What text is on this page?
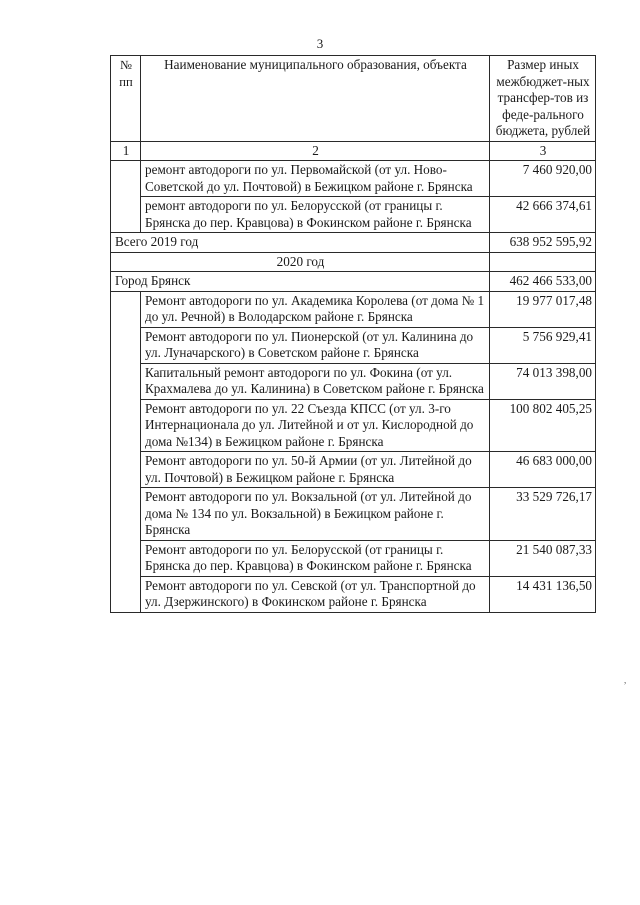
3
№ пп	Наименование муниципального образования, объекта	Размер иных межбюджет-ных трансфер-тов из феде-рального бюджета, рублей
1	2	3
	ремонт автодороги по ул. Первомайской (от ул. Ново-Советской до ул. Почтовой) в Бежицком районе г. Брянска	7 460 920,00
	ремонт автодороги по ул. Белорусской (от границы г. Брянска до пер. Кравцова) в Фокинском районе г. Брянска	42 666 374,61
Всего 2019 год		638 952 595,92
2020 год		
Город Брянск		462 466 533,00
	Ремонт автодороги по ул. Академика Королева (от дома № 1 до ул. Речной) в Володарском районе г. Брянска	19 977 017,48
	Ремонт автодороги по ул. Пионерской (от ул. Калинина до ул. Луначарского) в Советском районе г. Брянска	5 756 929,41
	Капитальный ремонт автодороги по ул. Фокина (от ул. Крахмалева до ул. Калинина) в Советском районе г. Брянска	74 013 398,00
	Ремонт автодороги по ул. 22 Съезда КПСС (от ул. 3-го Интернационала до ул. Литейной и от ул. Кислородной до дома №134) в Бежицком районе г. Брянска	100 802 405,25
	Ремонт автодороги по ул. 50-й Армии (от ул. Литейной до ул. Почтовой) в Бежицком районе г. Брянска	46 683 000,00
	Ремонт автодороги по ул. Вокзальной (от ул. Литейной до дома № 134 по ул. Вокзальной) в Бежицком районе г. Брянска	33 529 726,17
	Ремонт автодороги по ул. Белорусской (от границы г. Брянска до пер. Кравцова) в Фокинском районе г. Брянска	21 540 087,33
	Ремонт автодороги по ул. Севской (от ул. Транспортной до ул. Дзержинского) в Фокинском районе г. Брянска	14 431 136,50
,
